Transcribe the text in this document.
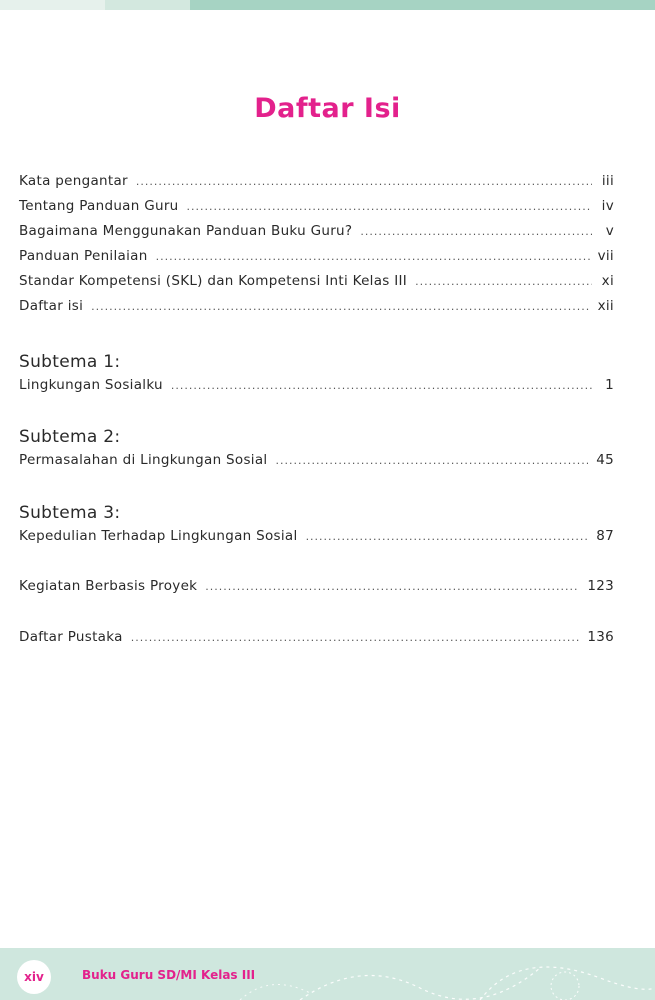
Daftar Isi
Kata pengantar .....	iii
Tentang Panduan Guru .....	iv
Bagaimana Menggunakan Panduan Buku Guru? .....	v
Panduan Penilaian .....	vii
Standar Kompetensi (SKL) dan Kompetensi Inti Kelas III .....	xi
Daftar isi .....	xii
Subtema 1:
Lingkungan Sosialku .....	1
Subtema 2:
Permasalahan di Lingkungan Sosial .....	45
Subtema 3:
Kepedulian Terhadap Lingkungan Sosial .....	87
Kegiatan Berbasis Proyek .....	123
Daftar Pustaka .....	136
xiv	Buku Guru SD/MI Kelas III
